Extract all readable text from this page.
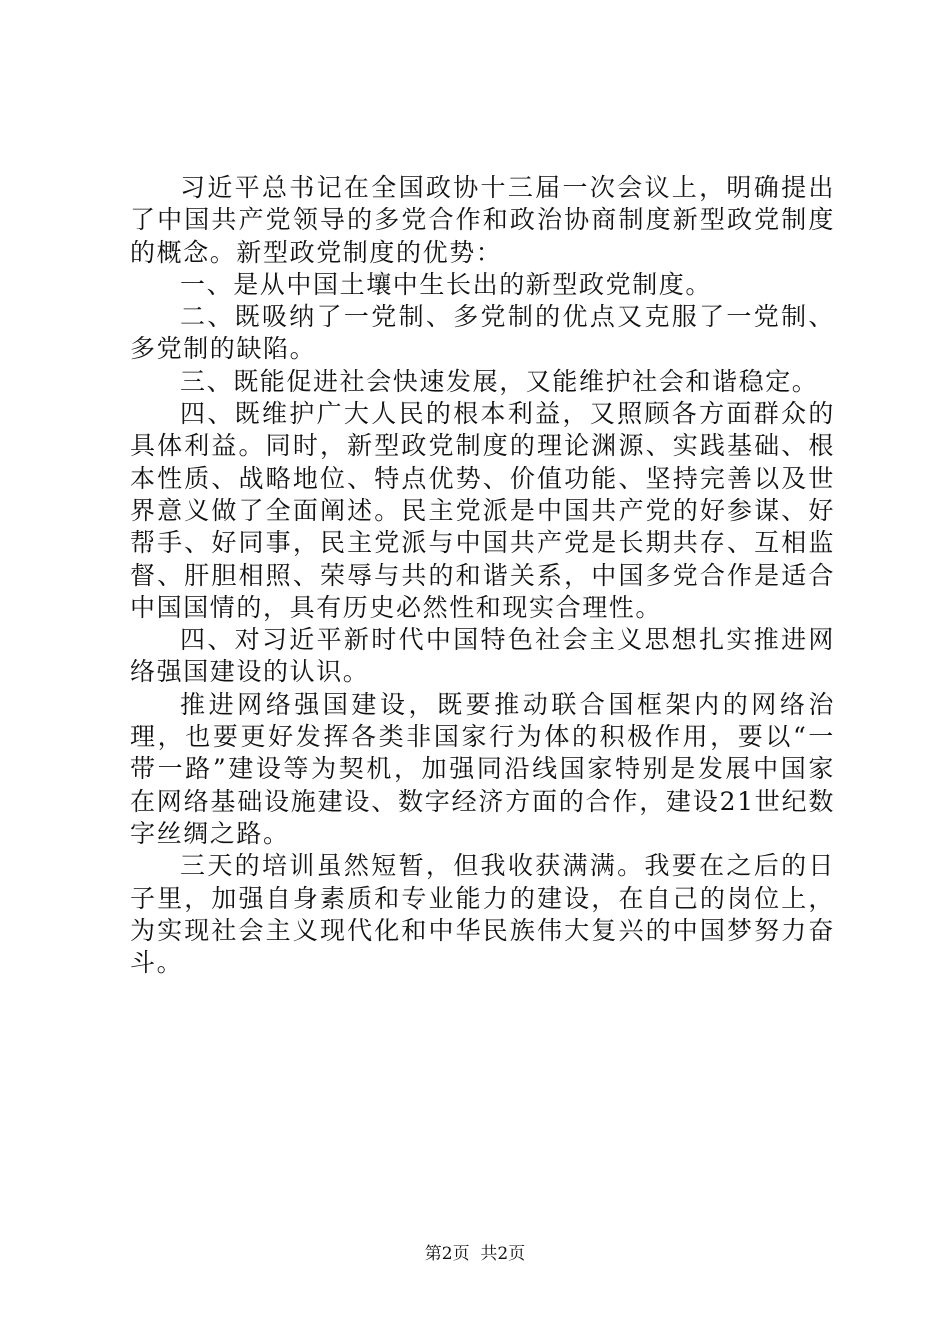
习近平总书记在全国政协十三届一次会议上，明确提出了中国共产党领导的多党合作和政治协商制度新型政党制度的概念。新型政党制度的优势：

一、是从中国土壤中生长出的新型政党制度。

二、既吸纳了一党制、多党制的优点又克服了一党制、多党制的缺陷。

三、既能促进社会快速发展，又能维护社会和谐稳定。

四、既维护广大人民的根本利益，又照顾各方面群众的具体利益。同时，新型政党制度的理论渊源、实践基础、根本性质、战略地位、特点优势、价值功能、坚持完善以及世界意义做了全面阐述。民主党派是中国共产党的好参谋、好帮手、好同事，民主党派与中国共产党是长期共存、互相监督、肝胆相照、荣辱与共的和谐关系，中国多党合作是适合中国国情的，具有历史必然性和现实合理性。

四、对习近平新时代中国特色社会主义思想扎实推进网络强国建设的认识。

推进网络强国建设，既要推动联合国框架内的网络治理，也要更好发挥各类非国家行为体的积极作用，要以“一带一路”建设等为契机，加强同沿线国家特别是发展中国家在网络基础设施建设、数字经济方面的合作，建设21世纪数字丝绸之路。

三天的培训虽然短暂，但我收获满满。我要在之后的日子里，加强自身素质和专业能力的建设，在自己的岗位上，为实现社会主义现代化和中华民族伟大复兴的中国梦努力奋斗。

第2页  共2页
